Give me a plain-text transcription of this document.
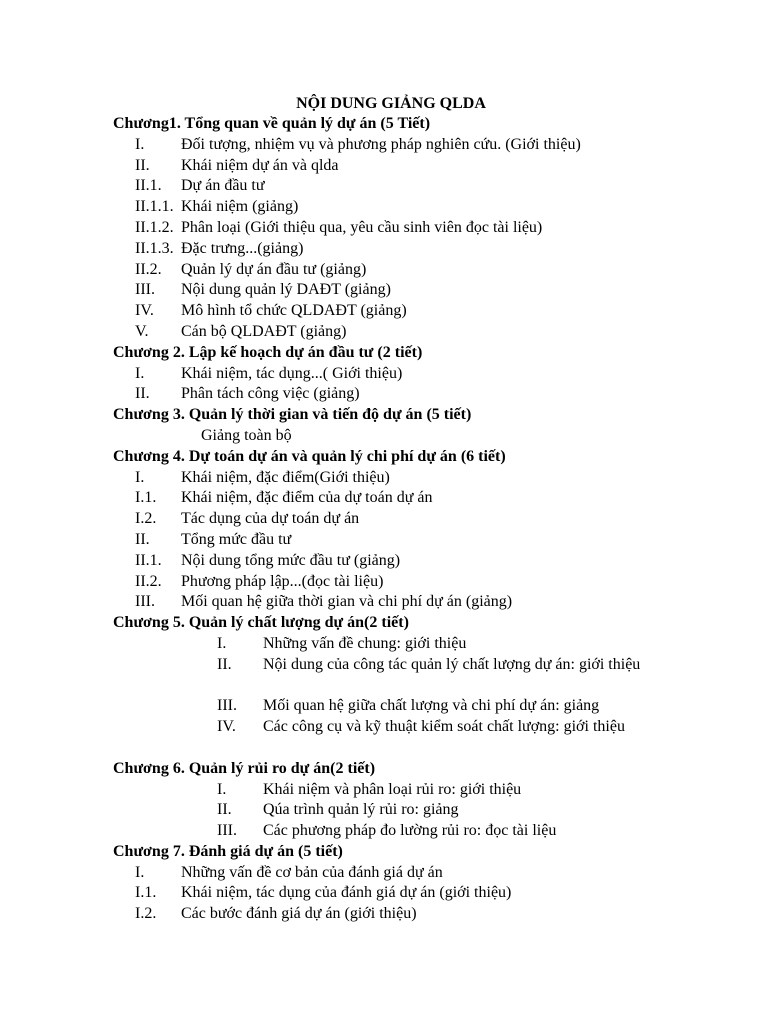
NỘI DUNG GIẢNG QLDA
Chương1. Tổng quan về quản lý dự án (5 Tiết)
I. Đối tượng, nhiệm vụ và phương pháp nghiên cứu. (Giới thiệu)
II. Khái niệm dự án và qlda
II.1. Dự án đầu tư
II.1.1. Khái niệm (giảng)
II.1.2. Phân loại (Giới thiệu qua, yêu cầu sinh viên đọc tài liệu)
II.1.3. Đặc trưng...(giảng)
II.2. Quản lý dự án đầu tư (giảng)
III. Nội dung quản lý DAĐT (giảng)
IV. Mô hình tổ chức QLDAĐT (giảng)
V. Cán bộ QLDAĐT (giảng)
Chương 2. Lập kế hoạch dự án đầu tư (2 tiết)
I. Khái niệm, tác dụng...( Giới thiệu)
II. Phân tách công việc (giảng)
Chương 3. Quản lý thời gian và tiến độ dự án (5 tiết)
Giảng toàn bộ
Chương 4. Dự toán dự án và quản lý chi phí dự án (6 tiết)
I. Khái niệm, đặc điểm(Giới thiệu)
I.1. Khái niệm, đặc điểm của dự toán dự án
I.2. Tác dụng của dự toán dự án
II. Tổng mức đầu tư
II.1. Nội dung tổng mức đầu tư (giảng)
II.2. Phương pháp lập...(đọc tài liệu)
III. Mối quan hệ giữa thời gian và chi phí dự án (giảng)
Chương 5. Quản lý chất lượng dự án(2 tiết)
I. Những vấn đề chung: giới thiệu
II. Nội dung của công tác quản lý chất lượng dự án: giới thiệu
III. Mối quan hệ giữa chất lượng và chi phí dự án: giảng
IV. Các công cụ và kỹ thuật kiểm soát chất lượng: giới thiệu
Chương 6. Quản lý rủi ro dự án(2 tiết)
I. Khái niệm và phân loại rủi ro: giới thiệu
II. Qúa trình quản lý rủi ro: giảng
III. Các phương pháp đo lường rủi ro: đọc tài liệu
Chương 7. Đánh giá dự án (5 tiết)
I. Những vấn đề cơ bản của đánh giá dự án
I.1. Khái niệm, tác dụng của đánh giá dự án (giới thiệu)
I.2. Các bước đánh giá dự án (giới thiệu)
